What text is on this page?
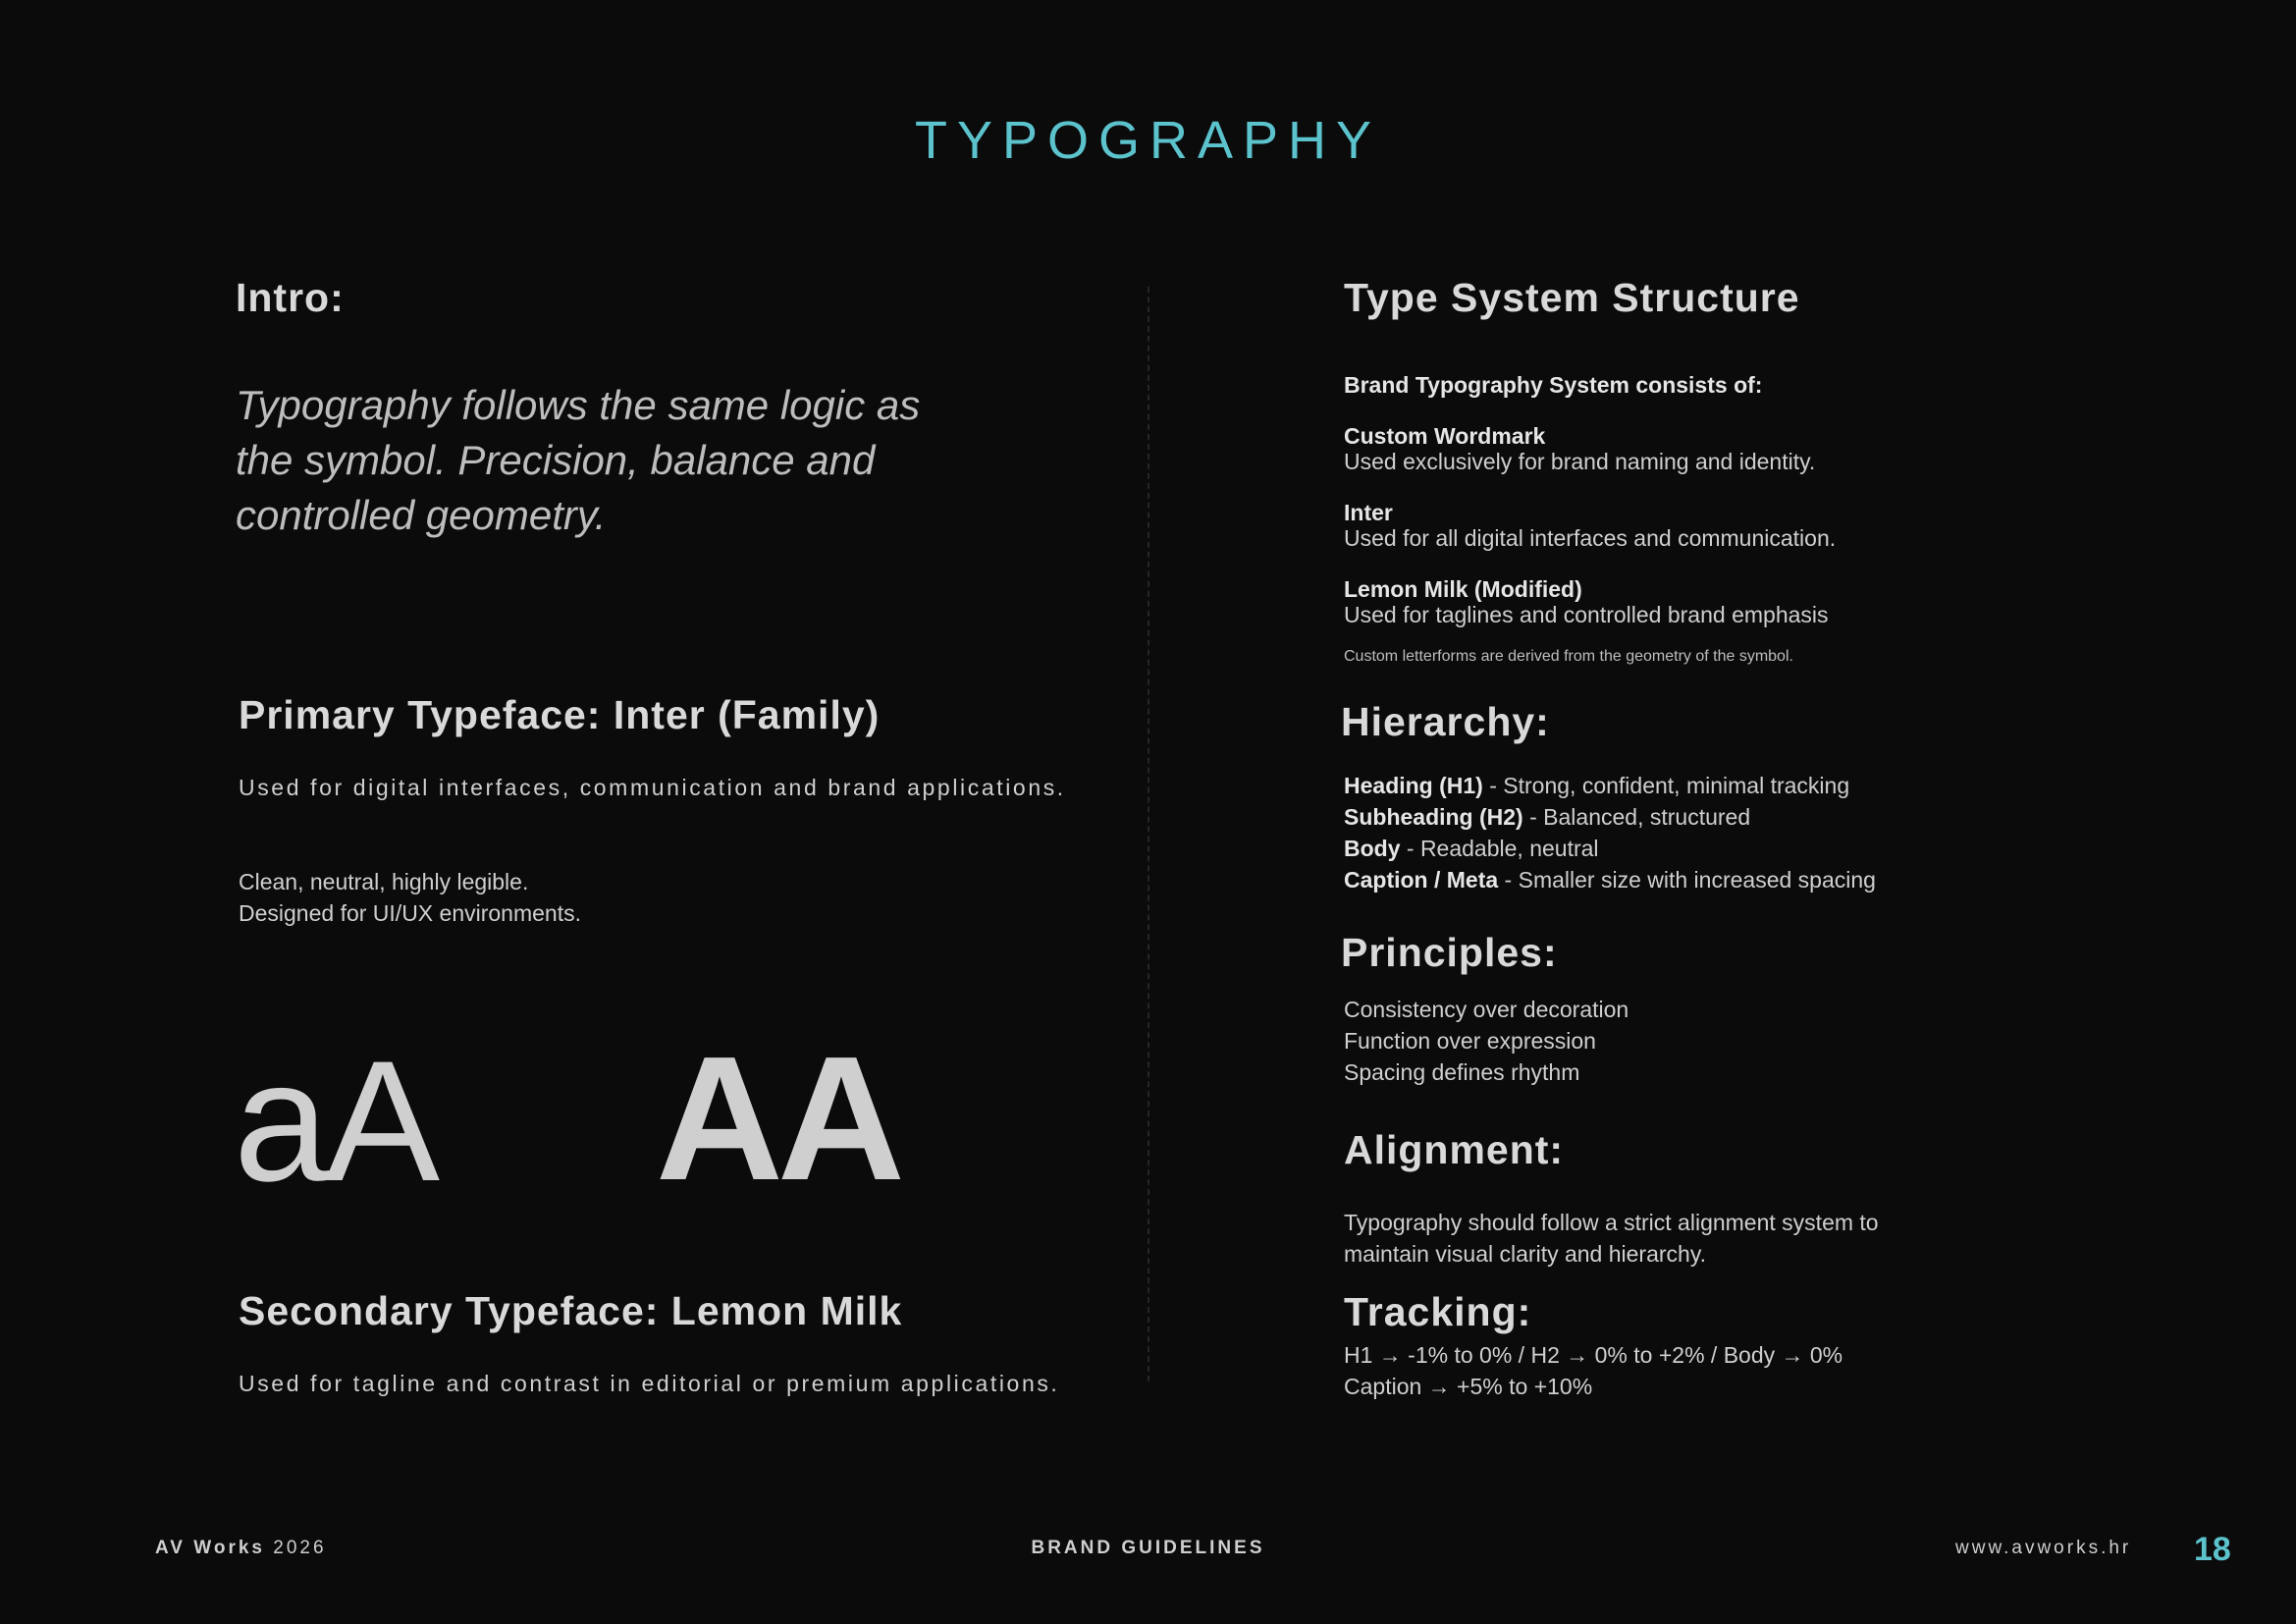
TYPOGRAPHY
Intro:
Typography follows the same logic as the symbol. Precision, balance and controlled geometry.
Primary Typeface: Inter (Family)
Used for digital interfaces, communication and brand applications.
Clean, neutral, highly legible.
Designed for UI/UX environments.
aA AA
Secondary Typeface: Lemon Milk
Used for tagline and contrast in editorial or premium applications.
Type System Structure
Brand Typography System consists of:
Custom Wordmark
Used exclusively for brand naming and identity.
Inter
Used for all digital interfaces and communication.
Lemon Milk (Modified)
Used for taglines and controlled brand emphasis
Custom letterforms are derived from the geometry of the symbol.
Hierarchy:
Heading (H1) - Strong, confident, minimal tracking
Subheading (H2) - Balanced, structured
Body - Readable, neutral
Caption / Meta - Smaller size with increased spacing
Principles:
Consistency over decoration
Function over expression
Spacing defines rhythm
Alignment:
Typography should follow a strict alignment system to
maintain visual clarity and hierarchy.
Tracking:
H1 → -1% to 0% / H2 → 0% to +2% / Body → 0%
Caption → +5% to +10%
AV Works 2026	BRAND GUIDELINES	www.avworks.hr 18
